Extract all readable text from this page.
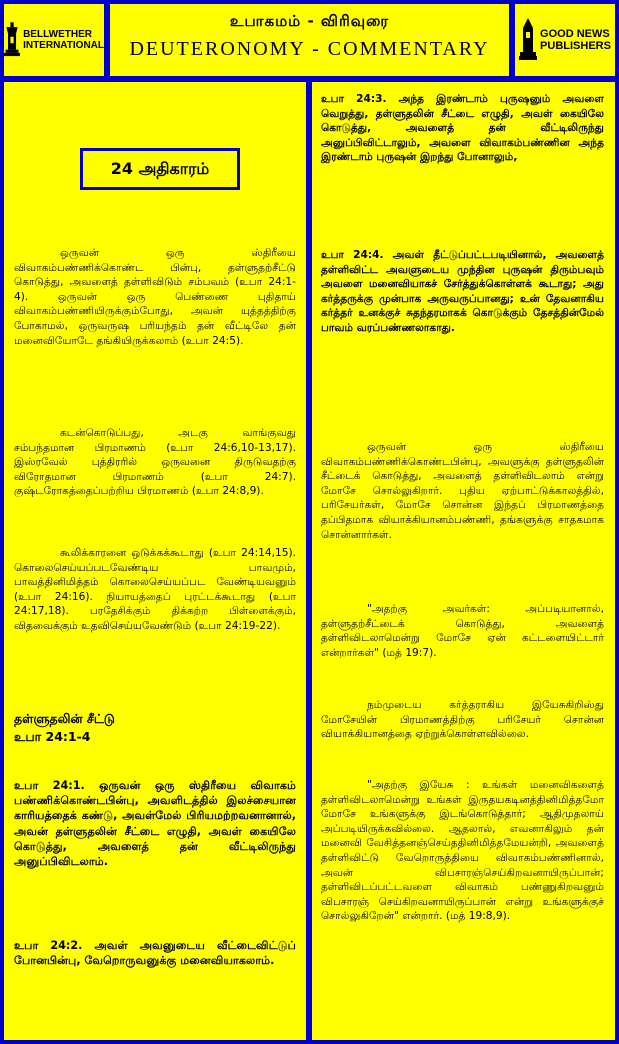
BELLWETHER
INTERNATIONAL
உபாகமம் - விரிவுரை
DEUTERONOMY - COMMENTARY
GOOD NEWS
PUBLISHERS
24 அதிகாரம்
ஒருவன் ஒரு ஸ்திரீயை விவாகம்பண்ணிக்கொண்ட பின்பு, தள்ளுதற்சீட்டு கொடுத்து, அவளைத் தள்ளிவிடும் சம்பவம் (உபா 24:1-4). ஒருவன் ஒரு பெண்ணை புதிதாய் விவாகம்பண்ணியிருக்கும்போது, அவன் யுத்தத்திற்கு போகாமல், ஒருவருஷ பரியந்தம் தன் வீட்டிலே தன் மனைவியோடே தங்கியிருக்கலாம் (உபா 24:5).
கடன்கொடுப்பது, அடகு வாங்குவது சம்பந்தமான பிரமாணம் (உபா 24:6,10-13,17). இஸ்ரவேல் புத்திரரில் ஒருவனை திருடுவதற்கு விரோதமான பிரமாணம் (உபா 24:7). குஷ்டரோகத்தைப்பற்றிய பிரமாணம் (உபா 24:8,9).
கூலிக்காரனை ஒடுக்கக்கூடாது (உபா 24:14,15). கொலைசெய்யப்படவேண்டிய பாவமும், பாவத்தினிமித்தம் கொலைசெய்யப்பட வேண்டியவனும் (உபா 24:16). நியாயத்தைப் புரட்டக்கூடாது (உபா 24:17,18). பரதேசிக்கும் திக்கற்ற பிள்ளைக்கும், விதவைக்கும் உதவிசெய்யவேண்டும் (உபா 24:19-22).
தள்ளுதலின் சீட்டு
உபா 24:1-4
உபா 24:1. ஒருவன் ஒரு ஸ்திரீயை விவாகம் பண்ணிக்கொண்டபின்பு, அவளிடத்தில் இலச்சையான காரியத்தைக் கண்டு, அவள்மேல் பிரியமற்றவனானால், அவன் தள்ளுதலின் சீட்டை எழுதி, அவள் கையிலே கொடுத்து, அவளைத் தன் வீட்டிலிருந்து அனுப்பிவிடலாம்.
உபா 24:2. அவள் அவனுடைய வீட்டைவிட்டுப் போனபின்பு, வேறொருவனுக்கு மனைவியாகலாம்.
உபா 24:3. அந்த இரண்டாம் புருஷனும் அவளை வெறுத்து, தள்ளுதலின் சீட்டை எழுதி, அவள் கையிலே கொடுத்து, அவளைத் தன் வீட்டிலிருந்து அனுப்பிவிட்டாலும், அவளை விவாகம்பண்ணின அந்த இரண்டாம் புருஷன் இறந்து போனாலும்,
உபா 24:4. அவள் தீட்டுப்பட்டபடியினால், அவளைத் தள்ளிவிட்ட அவளுடைய முந்தின புருஷன் திரும்பவும் அவளை மனைவியாகச் சேர்த்துக்கொள்ளக் கூடாது; அது கர்த்தருக்கு முன்பாக அருவருப்பானது; உன் தேவனாகிய கர்த்தர் உனக்குச் சுதந்தரமாகக் கொடுக்கும் தேசத்தின்மேல் பாவம் வரப்பண்ணலாகாது.
ஒருவன் ஒரு ஸ்திரீயை விவாகம்பண்ணிக்கொண்டபின்பு, அவளுக்கு தள்ளுதலின் சீட்டைக் கொடுத்து, அவளைத் தள்ளிவிடலாம் என்று மோசே சொல்லுகிறார். புதிய ஏற்பாட்டுக்காலத்தில், பரிசேயர்கள், மோசே சொன்ன இந்தப் பிரமாணத்தை தப்பிதமாக வியாக்கியானம்பண்ணி, தங்களுக்கு சாதகமாக சொன்னார்கள்.
"அதற்கு அவர்கள்: அப்படியானால், தள்ளுதற்சீட்டைக் கொடுத்து, அவளைத் தள்ளிவிடலாமென்று மோசே ஏன் கட்டளையிட்டார் என்றார்கள்" (மத் 19:7).
நம்முடைய கர்த்தராகிய இயேசுகிறிஸ்து மோசேயின் பிரமாணத்திற்கு பரிசேயர் சொன்ன வியாக்கியானத்தை ஏற்றுக்கொள்ளவில்லை.
"அதற்கு இயேசு : உங்கள் மனைவிகளைத் தள்ளிவிடலாமென்று உங்கள் இருதயகடினத்தினிமித்தமோ மோசே உங்களுக்கு இடங்கொடுத்தார்; ஆதிமுதலாய் அப்படியிருக்கவில்லை. ஆதலால், எவனாகிலும் தன் மனைவி வேசித்தனஞ்செய்ததினிமித்தமேயன்றி, அவளைத் தள்ளிவிட்டு வேறொருத்தியை விவாகம்பண்ணினால், அவன் விபசாரஞ்செய்கிறவனாயிருப்பான்; தள்ளிவிடப்பட்டவளை விவாகம் பண்ணுகிறவனும் விபசாரஞ் செய்கிறவனாயிருப்பான் என்று உங்களுக்குச் சொல்லுகிறேன்" என்றார். (மத் 19:8,9).
